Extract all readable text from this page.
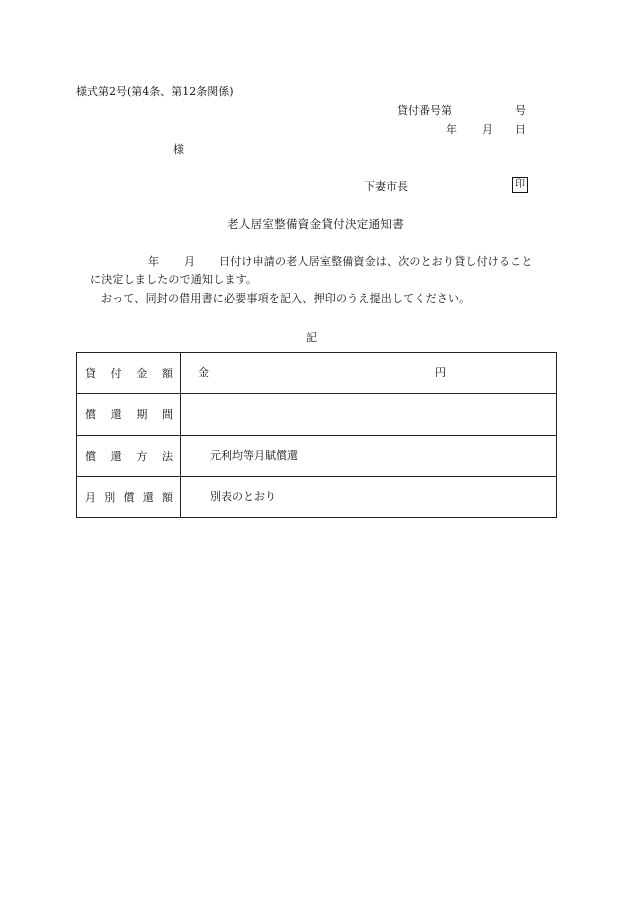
様式第2号(第4条、第12条関係)
貸付番号第	号
年 月 日
様
下妻市長	印
老人居室整備資金貸付決定通知書
年 月 日付け申請の老人居室整備資金は、次のとおり貸し付けること
に決定しましたので通知します。
おって、同封の借用書に必要事項を記入、押印のうえ提出してください。
記
貸付金額	金 円

償還期間	

償還方法	元利均等月賦償還

月別償還額	別表のとおり
